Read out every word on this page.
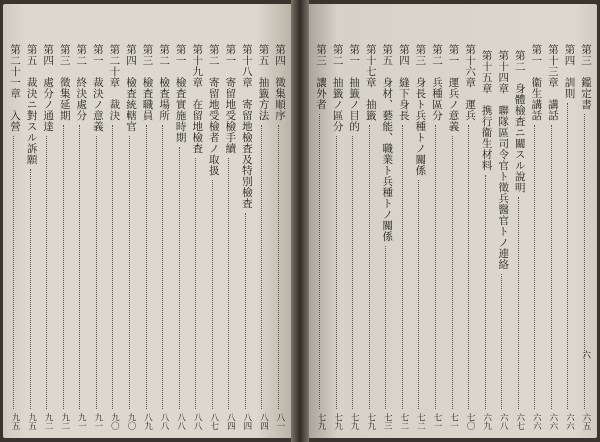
第四　徵集順序
八一
第五　抽籤方法
八四
第十八章　寄留地檢査及特別檢査
八四
第一　寄留地受檢手續
八四
第二　寄留地受檢者ノ取扱
八七
第十九章　在留地檢査
八八
第一　檢査實施時期
八八
第二　檢査場所
八八
第三　檢査職員
八九
第四　檢査統轄官
九〇
第二十章　裁決
九〇
第一　裁決ノ意義
九一
第二　終決處分
九一
第三　徵集延期
九二
第四　處分ノ通達
九二
第五　裁決ニ對スル訴願
九五
第二十一章　入營
九五
第三　鑑定書
六五
第四　訓則
六六
第十三章　講話
六六
第一　衞生講話
六六
第二　身體檢査ニ關スル說明
六七
第十四章　聯隊區司令官ト徵兵醫官トノ連絡
六八
第十五章　携行衞生材料
六九
第十六章　運兵
七〇
第一　運兵ノ意義
七一
第二　兵種區分
七一
第三　身長ト兵種トノ關係
七二
第四　縫下身長
七二
第五　身材、藝能、職業ト兵種トノ關係
七三
第十七章　抽籤
七九
第一　抽籤ノ目的
七九
第二　抽籤ノ區分
七九
第三　讓外者
七九
六
